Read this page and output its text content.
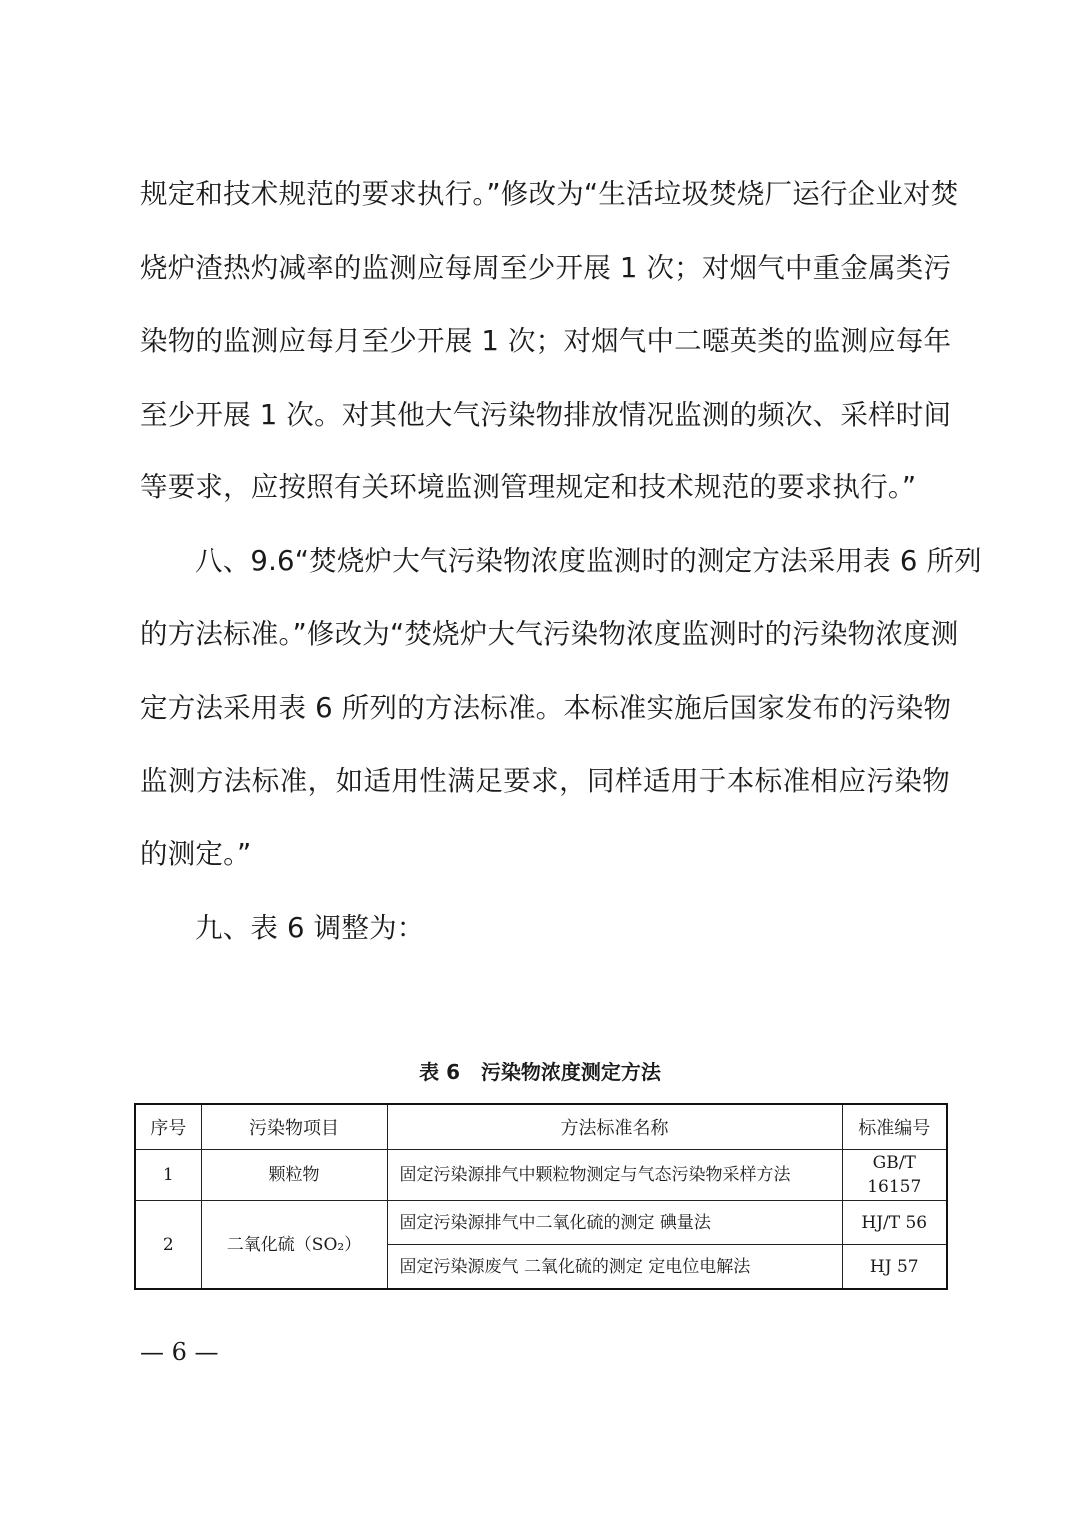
规定和技术规范的要求执行。”修改为“生活垃圾焚烧厂运行企业对焚
烧炉渣热灼减率的监测应每周至少开展 1 次；对烟气中重金属类污
染物的监测应每月至少开展 1 次；对烟气中二噁英类的监测应每年
至少开展 1 次。对其他大气污染物排放情况监测的频次、采样时间
等要求，应按照有关环境监测管理规定和技术规范的要求执行。”
八、9.6“焚烧炉大气污染物浓度监测时的测定方法采用表 6 所列
的方法标准。”修改为“焚烧炉大气污染物浓度监测时的污染物浓度测
定方法采用表 6 所列的方法标准。本标准实施后国家发布的污染物
监测方法标准，如适用性满足要求，同样适用于本标准相应污染物
的测定。”
九、表 6 调整为：
表 6   污染物浓度测定方法
序号	污染物项目	方法标准名称	标准编号
1	颗粒物	固定污染源排气中颗粒物测定与气态污染物采样方法	GB/T 16157
2	二氧化硫（SO₂）	固定污染源排气中二氧化硫的测定 碘量法	HJ/T 56
		固定污染源废气 二氧化硫的测定 定电位电解法	HJ 57
— 6 —
